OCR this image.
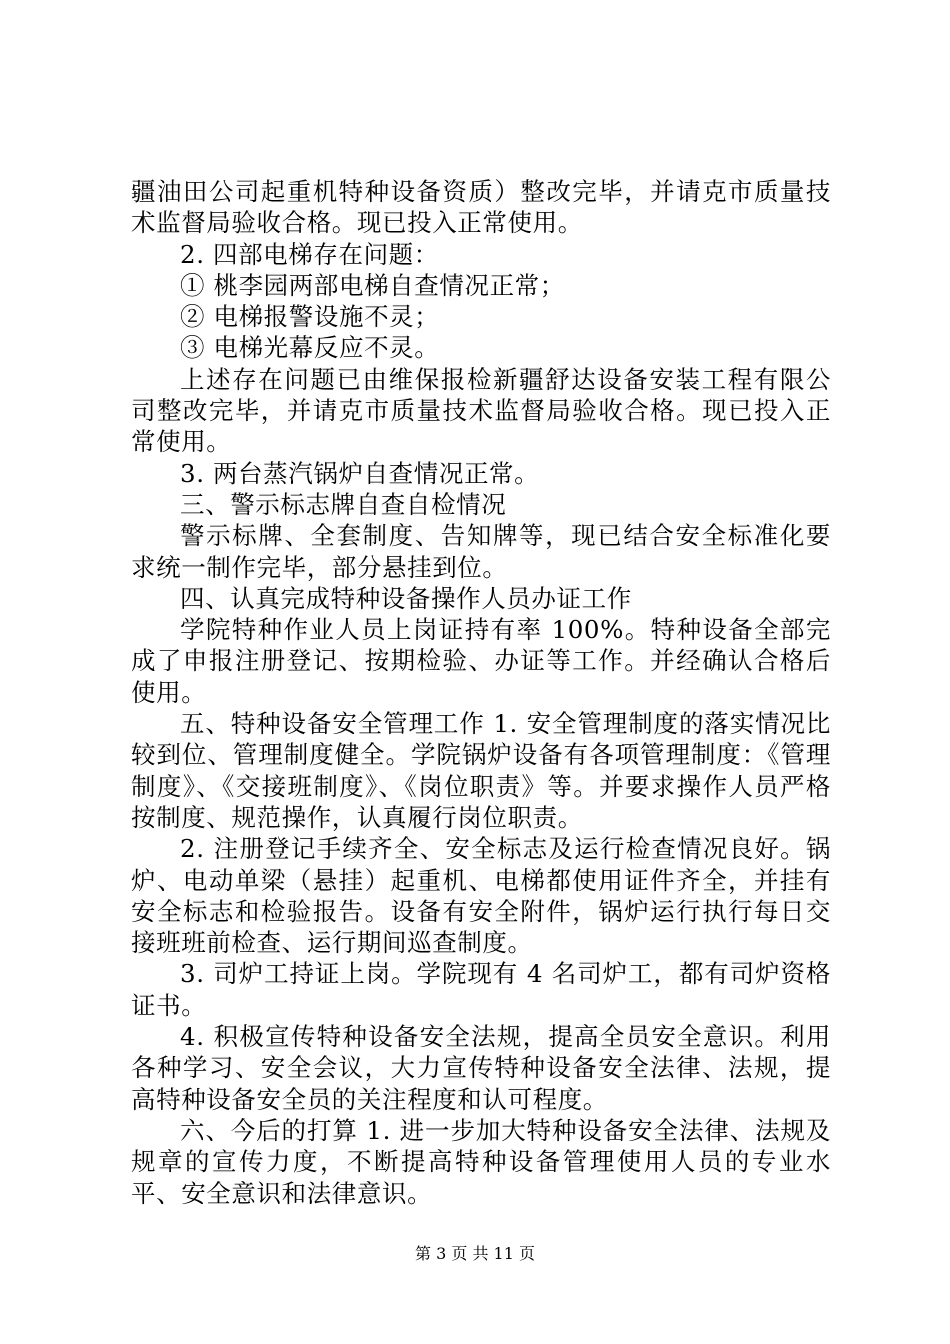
疆油田公司起重机特种设备资质）整改完毕，并请克市质量技术监督局验收合格。现已投入正常使用。

2. 四部电梯存在问题：

① 桃李园两部电梯自查情况正常；

② 电梯报警设施不灵；

③ 电梯光幕反应不灵。

上述存在问题已由维保报检新疆舒达设备安装工程有限公司整改完毕，并请克市质量技术监督局验收合格。现已投入正常使用。

3. 两台蒸汽锅炉自查情况正常。

三、警示标志牌自查自检情况

警示标牌、全套制度、告知牌等，现已结合安全标准化要求统一制作完毕，部分悬挂到位。

四、认真完成特种设备操作人员办证工作

学院特种作业人员上岗证持有率 100%。特种设备全部完成了申报注册登记、按期检验、办证等工作。并经确认合格后使用。

五、特种设备安全管理工作 1. 安全管理制度的落实情况比较到位、管理制度健全。学院锅炉设备有各项管理制度：《管理制度》、《交接班制度》、《岗位职责》等。并要求操作人员严格按制度、规范操作，认真履行岗位职责。

2. 注册登记手续齐全、安全标志及运行检查情况良好。锅炉、电动单梁（悬挂）起重机、电梯都使用证件齐全，并挂有安全标志和检验报告。设备有安全附件，锅炉运行执行每日交接班班前检查、运行期间巡查制度。

3. 司炉工持证上岗。学院现有 4 名司炉工，都有司炉资格证书。

4. 积极宣传特种设备安全法规，提高全员安全意识。利用各种学习、安全会议，大力宣传特种设备安全法律、法规，提高特种设备安全员的关注程度和认可程度。

六、今后的打算 1. 进一步加大特种设备安全法律、法规及规章的宣传力度，不断提高特种设备管理使用人员的专业水平、安全意识和法律意识。

第 3 页 共 11 页
